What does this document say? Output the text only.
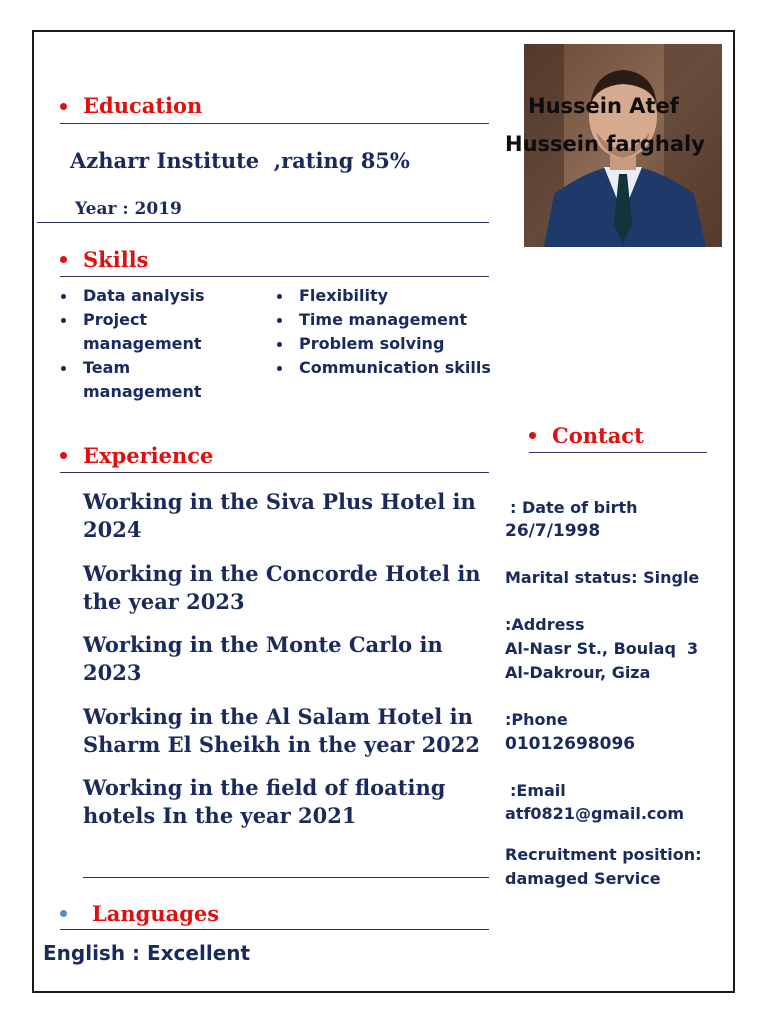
Hussein Atef
Hussein farghaly
Education
Azharr Institute  ,rating 85%
Year : 2019
Skills
Data analysis
Project
management
Team
management
Flexibility
Time management
Problem solving
Communication skills
Experience
Working in the Siva Plus Hotel in
2024
Working in the Concorde Hotel in
the year 2023
Working in the Monte Carlo in
2023
Working in the Al Salam Hotel in
Sharm El Sheikh in the year 2022
Working in the field of floating
hotels In the year 2021
Languages
English : Excellent
Contact
: Date of birth
26/7/1998
Marital status: Single
:Address
Al-Nasr St., Boulaq  3
Al-Dakrour, Giza
:Phone
01012698096
:Email
atf0821@gmail.com
Recruitment position:
damaged Service
